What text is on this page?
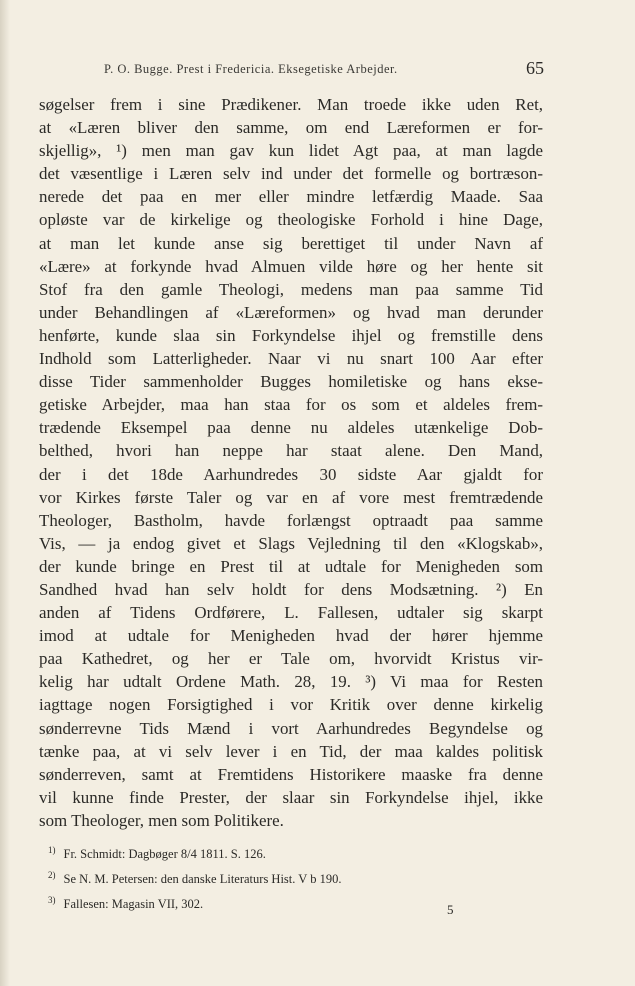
P. O. Bugge. Prest i Fredericia. Eksegetiske Arbejder.	65
søgelser frem i sine Prædikener. Man troede ikke uden Ret,
at «Læren bliver den samme, om end Læreformen er for-
skjellig», ¹) men man gav kun lidet Agt paa, at man lagde
det væsentlige i Læren selv ind under det formelle og bortræson-
nerede det paa en mer eller mindre letfærdig Maade. Saa
opløste var de kirkelige og theologiske Forhold i hine Dage,
at man let kunde anse sig berettiget til under Navn af
«Lære» at forkynde hvad Almuen vilde høre og her hente sit
Stof fra den gamle Theologi, medens man paa samme Tid
under Behandlingen af «Læreformen» og hvad man derunder
henførte, kunde slaa sin Forkyndelse ihjel og fremstille dens
Indhold som Latterligheder. Naar vi nu snart 100 Aar efter
disse Tider sammenholder Bugges homiletiske og hans ekse-
getiske Arbejder, maa han staa for os som et aldeles frem-
trædende Eksempel paa denne nu aldeles utænkelige Dob-
belthed, hvori han neppe har staat alene. Den Mand,
der i det 18de Aarhundredes 30 sidste Aar gjaldt for
vor Kirkes første Taler og var en af vore mest fremtrædende
Theologer, Bastholm, havde forlængst optraadt paa samme
Vis, — ja endog givet et Slags Vejledning til den «Klogskab»,
der kunde bringe en Prest til at udtale for Menigheden som
Sandhed hvad han selv holdt for dens Modsætning. ²) En
anden af Tidens Ordførere, L. Fallesen, udtaler sig skarpt
imod at udtale for Menigheden hvad der hører hjemme
paa Kathedret, og her er Tale om, hvorvidt Kristus vir-
kelig har udtalt Ordene Math. 28, 19. ³) Vi maa for Resten
iagttage nogen Forsigtighed i vor Kritik over denne kirkelig
sønderrevne Tids Mænd i vort Aarhundredes Begyndelse og
tænke paa, at vi selv lever i en Tid, der maa kaldes politisk
sønderreven, samt at Fremtidens Historikere maaske fra denne
vil kunne finde Prester, der slaar sin Forkyndelse ihjel, ikke
som Theologer, men som Politikere.
$^{1)}$ Fr. Schmidt: Dagbøger 8/4 1811. S. 126.
$^{2)}$ Se N. M. Petersen: den danske Literaturs Hist. V b 190.
$^{3)}$ Fallesen: Magasin VII, 302.	5
